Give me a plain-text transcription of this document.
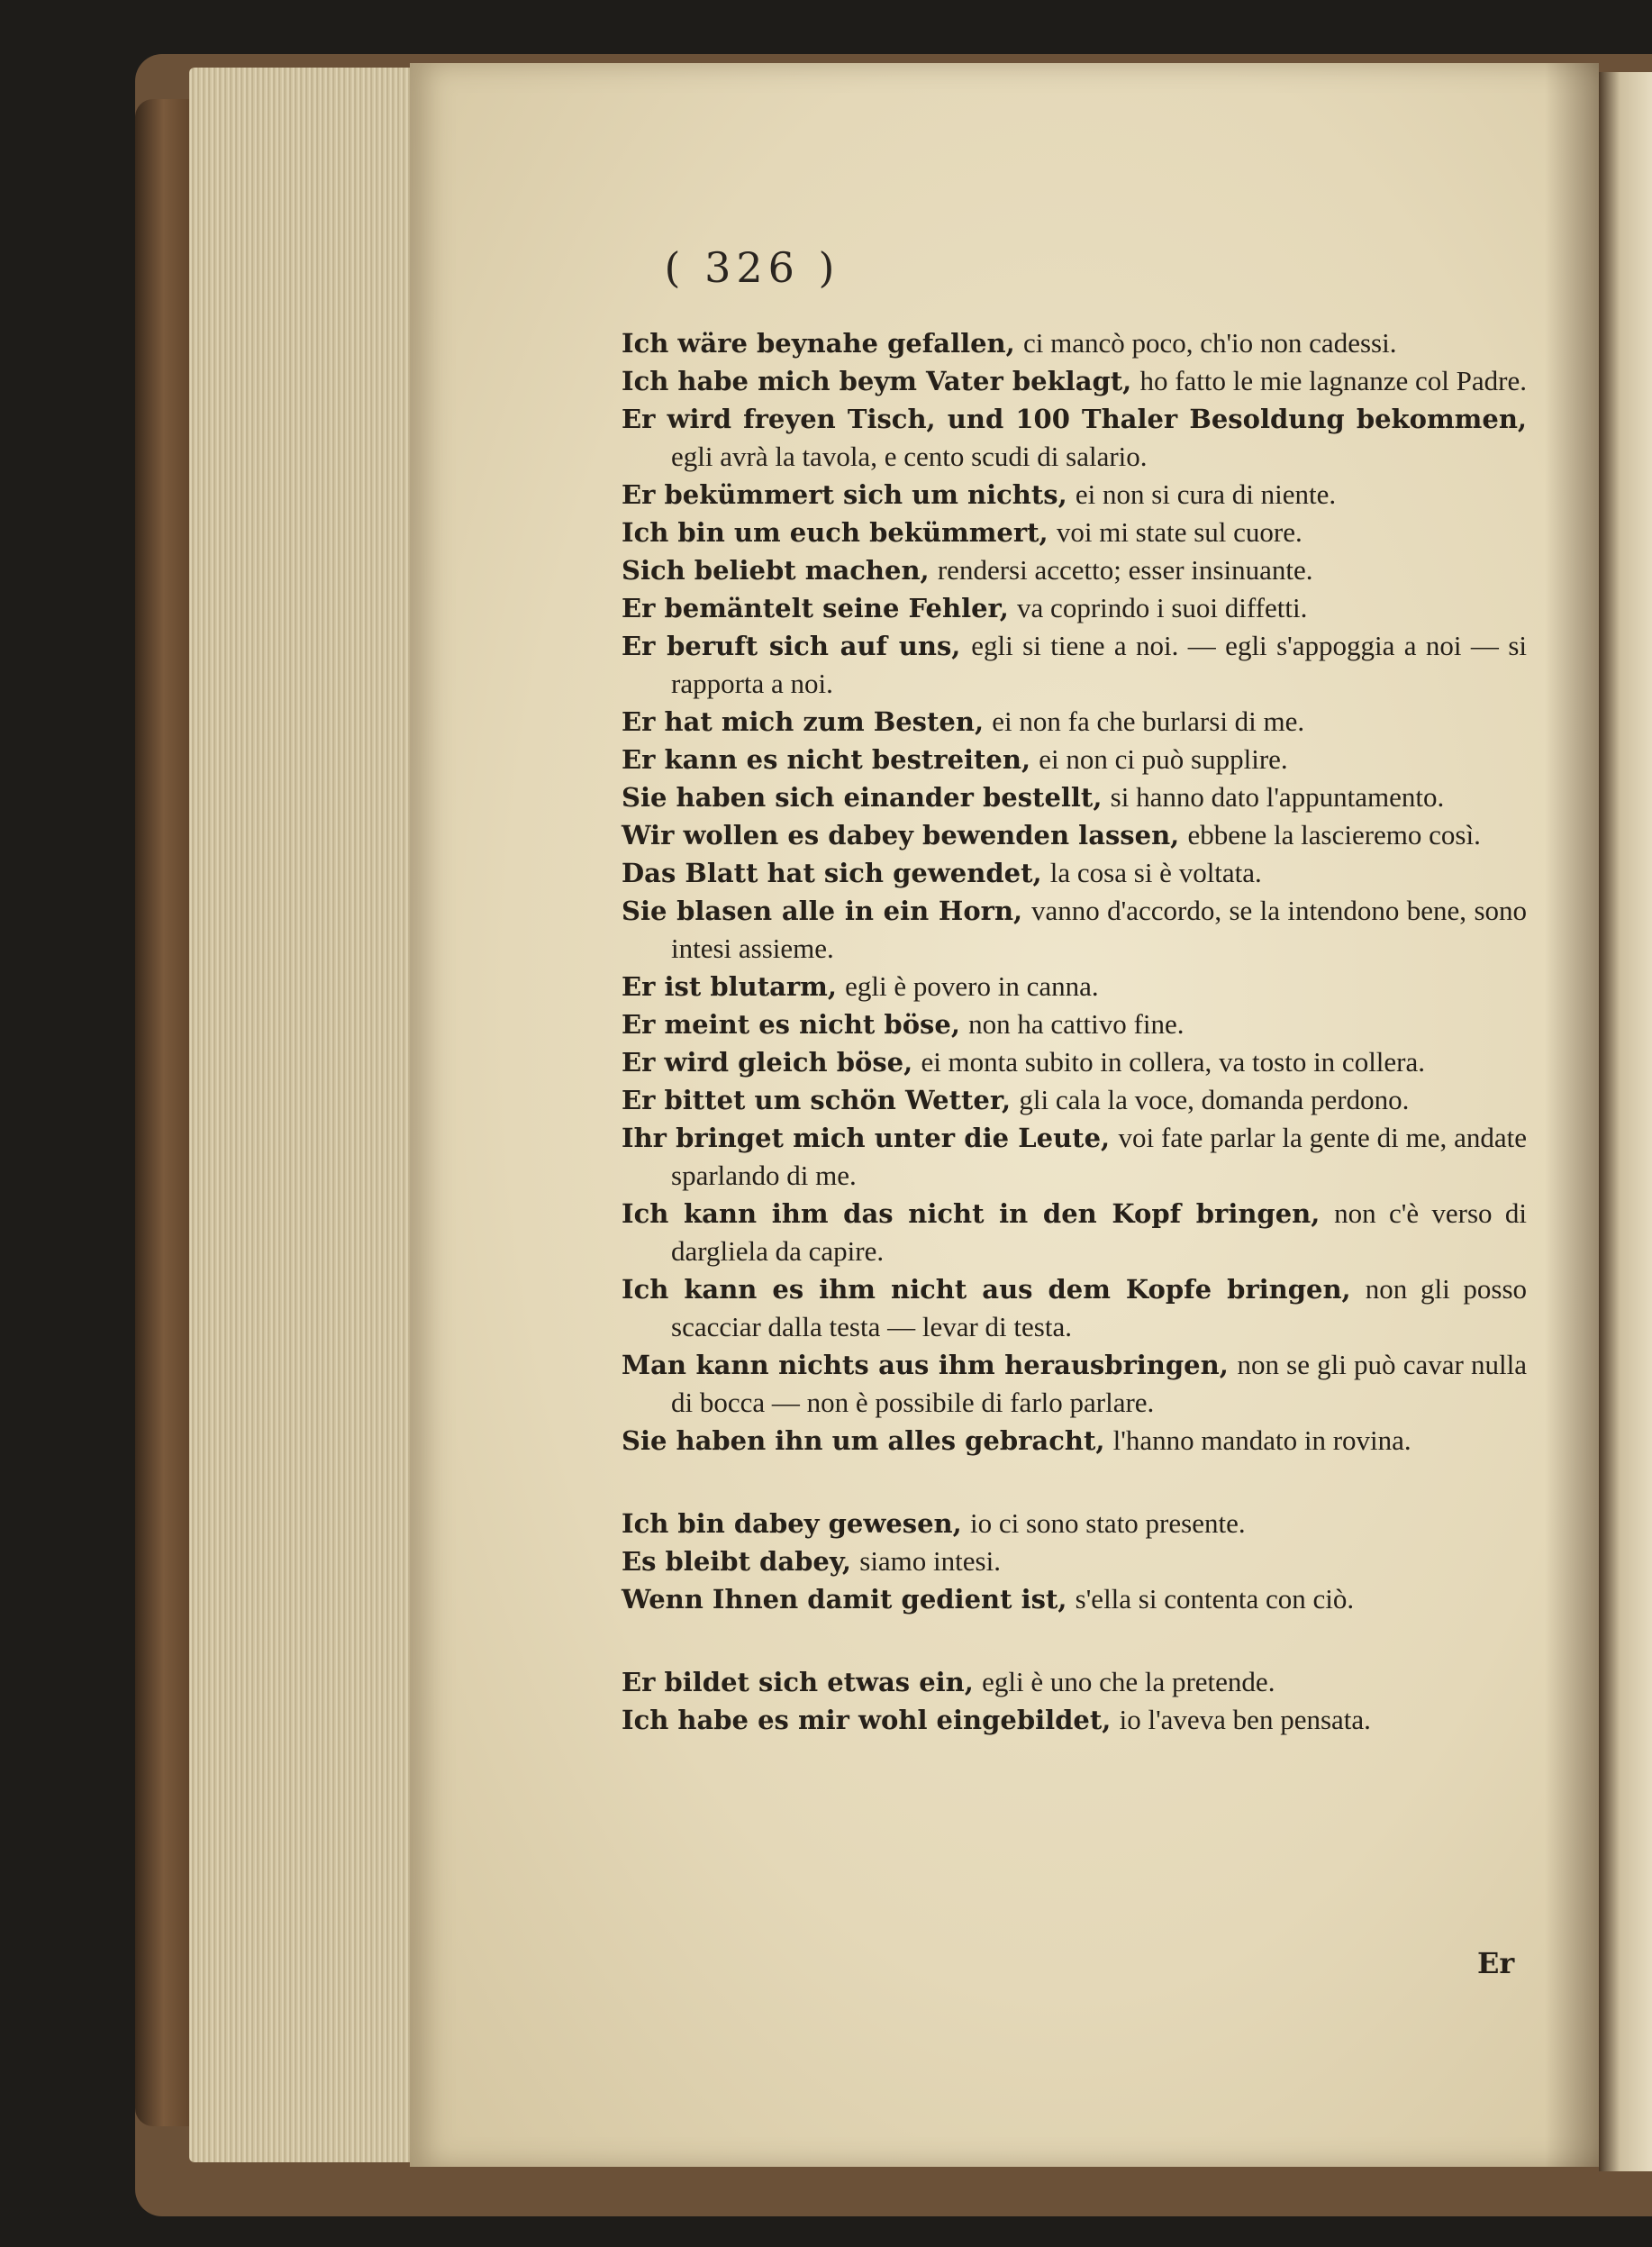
( 326 )

Ich wäre beynahe gefallen, ci mancò poco, ch'io non cadessi.

Ich habe mich beym Vater beklagt, ho fatto le mie lagnanze col Padre.

Er wird freyen Tisch, und 100 Thaler Besoldung bekommen, egli avrà la tavola, e cento scudi di salario.

Er bekümmert sich um nichts, ei non si cura di niente.

Ich bin um euch bekümmert, voi mi state sul cuore.

Sich beliebt machen, rendersi accetto; esser insinuante.

Er bemäntelt seine Fehler, va coprindo i suoi diffetti.

Er beruft sich auf uns, egli si tiene a noi. — egli s'appoggia a noi — si rapporta a noi.

Er hat mich zum Besten, ei non fa che burlarsi di me.

Er kann es nicht bestreiten, ei non ci può supplire.

Sie haben sich einander bestellt, si hanno dato l'appuntamento.

Wir wollen es dabey bewenden lassen, ebbene la lascieremo così.

Das Blatt hat sich gewendet, la cosa si è voltata.

Sie blasen alle in ein Horn, vanno d'accordo, se la intendono bene, sono intesi assieme.

Er ist blutarm, egli è povero in canna.

Er meint es nicht böse, non ha cattivo fine.

Er wird gleich böse, ei monta subito in collera, va tosto in collera.

Er bittet um schön Wetter, gli cala la voce, domanda perdono.

Ihr bringet mich unter die Leute, voi fate parlar la gente di me, andate sparlando di me.

Ich kann ihm das nicht in den Kopf bringen, non c'è verso di dargliela da capire.

Ich kann es ihm nicht aus dem Kopfe bringen, non gli posso scacciar dalla testa — levar di testa.

Man kann nichts aus ihm herausbringen, non se gli può cavar nulla di bocca — non è possibile di farlo parlare.

Sie haben ihn um alles gebracht, l'hanno mandato in rovina.

Ich bin dabey gewesen, io ci sono stato presente.

Es bleibt dabey, siamo intesi.

Wenn Ihnen damit gedient ist, s'ella si contenta con ciò.

Er bildet sich etwas ein, egli è uno che la pretende.

Ich habe es mir wohl eingebildet, io l'aveva ben pensata.

Er
